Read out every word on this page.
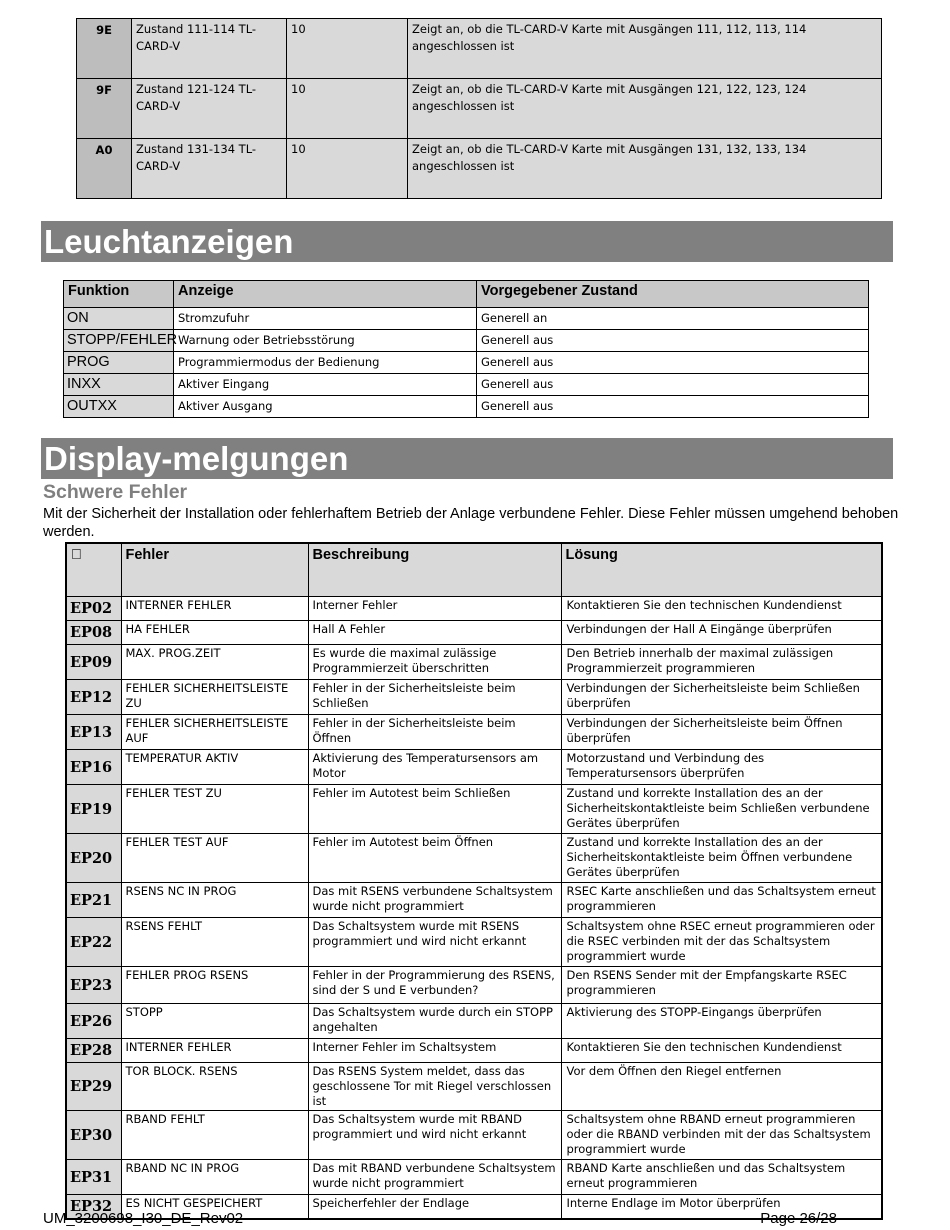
9E	Zustand 111-114 TL-CARD-V	10	Zeigt an, ob die TL-CARD-V Karte mit Ausgängen 111, 112, 113, 114 angeschlossen ist
9F	Zustand 121-124 TL-CARD-V	10	Zeigt an, ob die TL-CARD-V Karte mit Ausgängen 121, 122, 123, 124 angeschlossen ist
A0	Zustand 131-134 TL-CARD-V	10	Zeigt an, ob die TL-CARD-V Karte mit Ausgängen 131, 132, 133, 134 angeschlossen ist
Leuchtanzeigen
Funktion	Anzeige	Vorgegebener Zustand
ON	Stromzufuhr	Generell an
STOPP/FEHLER	Warnung oder Betriebsstörung	Generell aus
PROG	Programmiermodus der Bedienung	Generell aus
INXX	Aktiver Eingang	Generell aus
OUTXX	Aktiver Ausgang	Generell aus
Display-melgungen
Schwere Fehler
Mit der Sicherheit der Installation oder fehlerhaftem Betrieb der Anlage verbundene Fehler. Diese Fehler müssen umgehend behoben werden.
	Fehler	Beschreibung	Lösung
EP02	INTERNER FEHLER	Interner Fehler	Kontaktieren Sie den technischen Kundendienst
EP08	HA FEHLER	Hall A Fehler	Verbindungen der Hall A Eingänge überprüfen
EP09	MAX. PROG.ZEIT	Es wurde die maximal zulässige Programmierzeit überschritten	Den Betrieb innerhalb der maximal zulässigen Programmierzeit programmieren
EP12	FEHLER SICHERHEITSLEISTE ZU	Fehler in der Sicherheitsleiste beim Schließen	Verbindungen der Sicherheitsleiste beim Schließen überprüfen
EP13	FEHLER SICHERHEITSLEISTE AUF	Fehler in der Sicherheitsleiste beim Öffnen	Verbindungen der Sicherheitsleiste beim Öffnen überprüfen
EP16	TEMPERATUR AKTIV	Aktivierung des Temperatursensors am Motor	Motorzustand und Verbindung des Temperatursensors überprüfen
EP19	FEHLER TEST ZU	Fehler im Autotest beim Schließen	Zustand und korrekte Installation des an der Sicherheitskontaktleiste beim Schließen verbundene Gerätes überprüfen
EP20	FEHLER TEST AUF	Fehler im Autotest beim Öffnen	Zustand und korrekte Installation des an der Sicherheitskontaktleiste beim Öffnen verbundene Gerätes überprüfen
EP21	RSENS NC IN PROG	Das mit RSENS verbundene Schaltsystem wurde nicht programmiert	RSEC Karte anschließen und das Schaltsystem erneut programmieren
EP22	RSENS FEHLT	Das Schaltsystem wurde mit RSENS programmiert und wird nicht erkannt	Schaltsystem ohne RSEC erneut programmieren oder die RSEC verbinden mit der das Schaltsystem programmiert wurde
EP23	FEHLER PROG RSENS	Fehler in der Programmierung des RSENS, sind der S und E verbunden?	Den RSENS Sender mit der Empfangskarte RSEC programmieren
EP26	STOPP	Das Schaltsystem wurde durch ein STOPP angehalten	Aktivierung des STOPP-Eingangs überprüfen
EP28	INTERNER FEHLER	Interner Fehler im Schaltsystem	Kontaktieren Sie den technischen Kundendienst
EP29	TOR BLOCK. RSENS	Das RSENS System meldet, dass das geschlossene Tor mit Riegel verschlossen ist	Vor dem Öffnen den Riegel entfernen
EP30	RBAND FEHLT	Das Schaltsystem wurde mit RBAND programmiert und wird nicht erkannt	Schaltsystem ohne RBAND erneut programmieren oder die RBAND verbinden mit der das Schaltsystem programmiert wurde
EP31	RBAND NC IN PROG	Das mit RBAND verbundene Schaltsystem wurde nicht programmiert	RBAND Karte anschließen und das Schaltsystem erneut programmieren
EP32	ES NICHT GESPEICHERT	Speicherfehler der Endlage	Interne Endlage im Motor überprüfen
UM_3200698_I30_DE_Rev02	Page 26/28
